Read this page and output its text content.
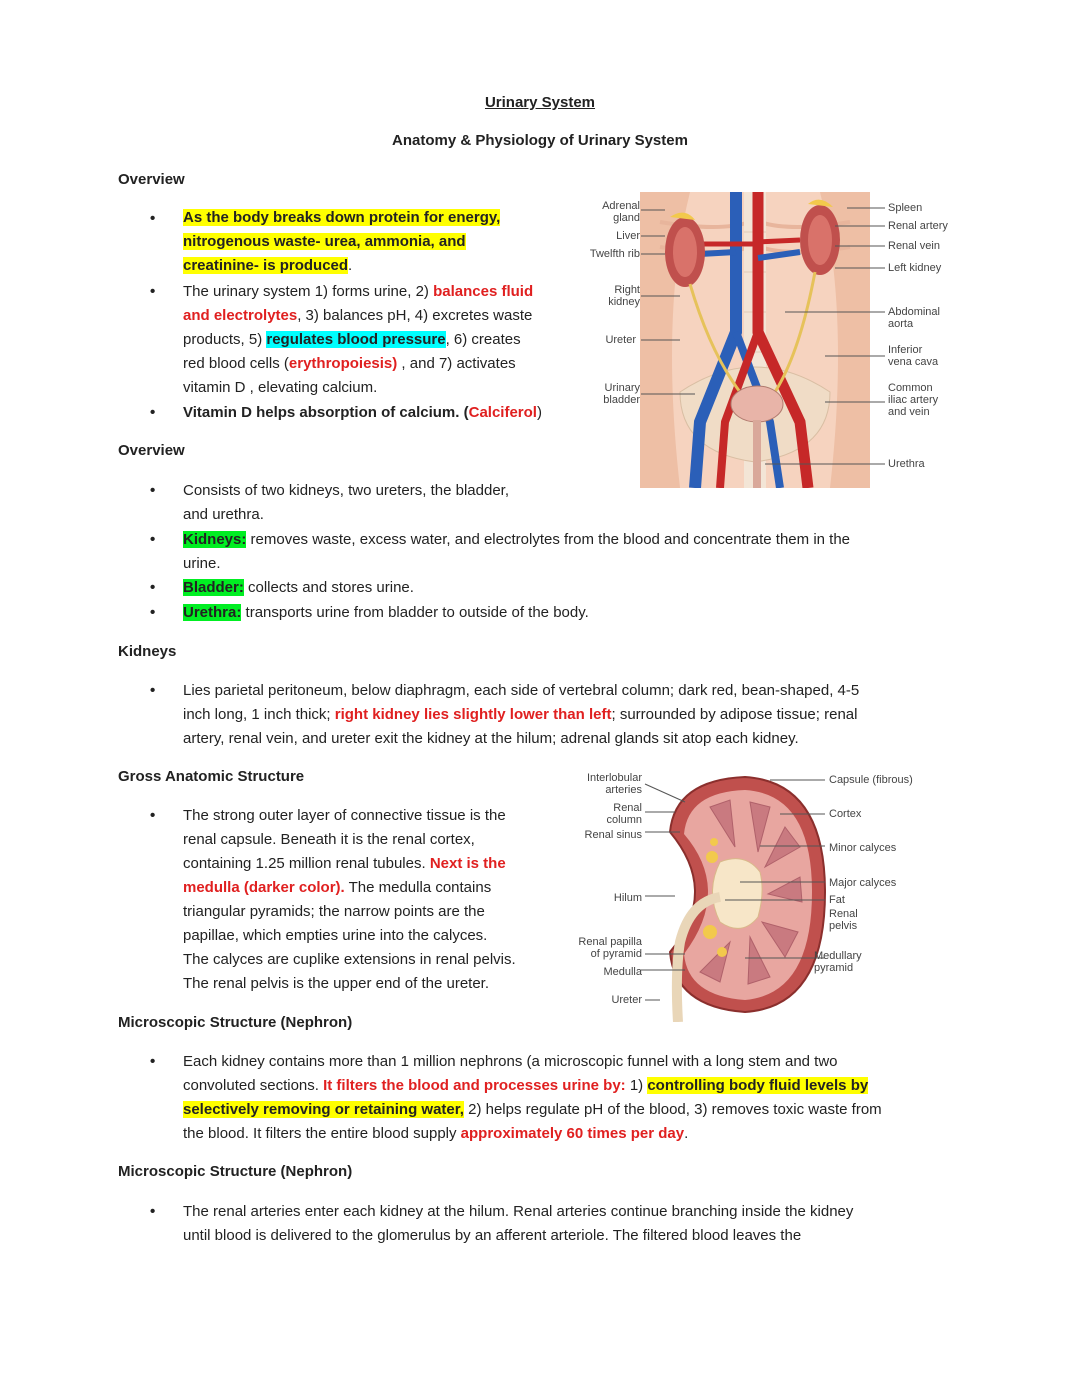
Urinary System
Anatomy & Physiology of Urinary System
Overview
• As the body breaks down protein for energy,
nitrogenous waste- urea, ammonia, and
creatinine- is produced.
• The urinary system 1) forms urine, 2) balances fluid
and electrolytes, 3) balances pH, 4) excretes waste
products, 5) regulates blood pressure, 6) creates
red blood cells (erythropoiesis) , and 7) activates
vitamin D , elevating calcium.
• Vitamin D helps absorption of calcium. (Calciferol)
Overview
• Consists of two kidneys, two ureters, the bladder,
and urethra.
• Kidneys: removes waste, excess water, and electrolytes from the blood and concentrate them in the
urine.
• Bladder: collects and stores urine.
• Urethra: transports urine from bladder to outside of the body.
Kidneys
• Lies parietal peritoneum, below diaphragm, each side of vertebral column; dark red, bean-shaped, 4-5
inch long, 1 inch thick; right kidney lies slightly lower than left; surrounded by adipose tissue; renal
artery, renal vein, and ureter exit the kidney at the hilum; adrenal glands sit atop each kidney.
Gross Anatomic Structure
• The strong outer layer of connective tissue is the
renal capsule. Beneath it is the renal cortex,
containing 1.25 million renal tubules. Next is the
medulla (darker color). The medulla contains
triangular pyramids; the narrow points are the
papillae, which empties urine into the calyces.
The calyces are cuplike extensions in renal pelvis.
The renal pelvis is the upper end of the ureter.
Microscopic Structure (Nephron)
• Each kidney contains more than 1 million nephrons (a microscopic funnel with a long stem and two
convoluted sections. It filters the blood and processes urine by: 1) controlling body fluid levels by
selectively removing or retaining water, 2) helps regulate pH of the blood, 3) removes toxic waste from
the blood. It filters the entire blood supply approximately 60 times per day.
Microscopic Structure (Nephron)
• The renal arteries enter each kidney at the hilum. Renal arteries continue branching inside the kidney
until blood is delivered to the glomerulus by an afferent arteriole. The filtered blood leaves the
Adrenal
gland
Liver
Twelfth rib
Right
kidney
Ureter
Urinary
bladder
Spleen
Renal artery
Renal vein
Left kidney
Abdominal
aorta
Inferior
vena cava
Common
iliac artery
and vein
Urethra
Interlobular
arteries
Renal
column
Renal sinus
Hilum
Renal papilla
of pyramid
Medulla
Ureter
Capsule (fibrous)
Cortex
Minor calyces
Major calyces
Fat
Renal
pelvis
Medullary
pyramid
